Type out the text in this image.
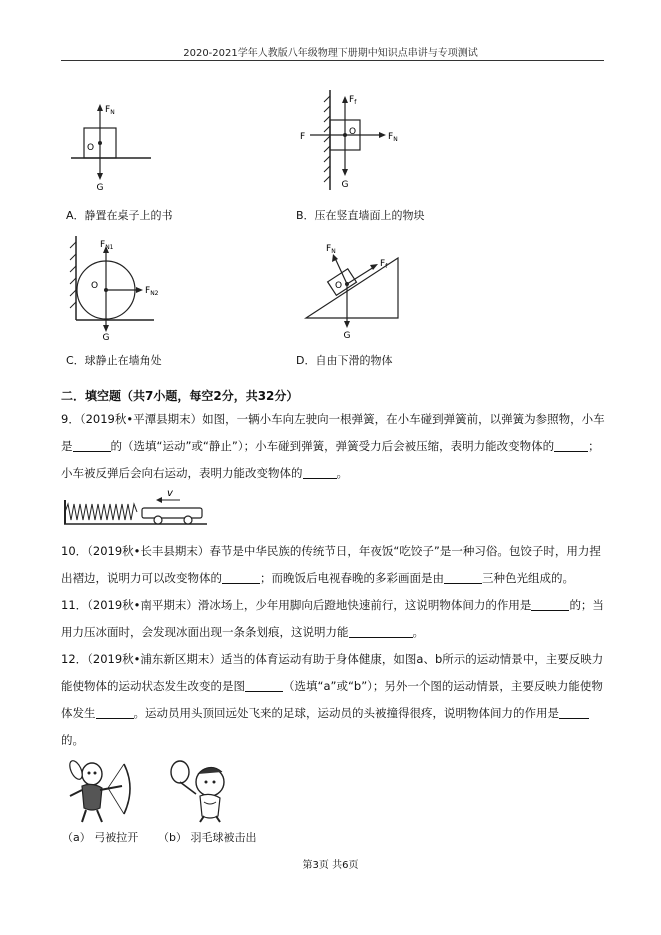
2020-2021学年人教版八年级物理下册期中知识点串讲与专项测试
$F_N$
O
G
A．静置在桌子上的书
$F_f$
O	$F_N$
F
G
B．压在竖直墙面上的物块
$F_{N1}$
O	$F_{N2}$
G
C．球静止在墙角处
$F_N$
$F_f$
O
G
D．自由下滑的物体
二．填空题（共7小题，每空2分，共32分）
9．（2019秋•平潭县期末）如图，一辆小车向左驶向一根弹簧，在小车碰到弹簧前，以弹簧为参照物，小车
是	的（选填“运动”或“静止”）；小车碰到弹簧，弹簧受力后会被压缩，表明力能改变物体的	；
小车被反弹后会向右运动，表明力能改变物体的	。
v
10．（2019秋•长丰县期末）春节是中华民族的传统节日，年夜饭“吃饺子”是一种习俗。包饺子时，用力捏
出褶边，说明力可以改变物体的	；而晚饭后电视春晚的多彩画面是由	三种色光组成的。
11．（2019秋•南平期末）滑冰场上，少年用脚向后蹬地快速前行，这说明物体间力的作用是	的；当
用力压冰面时，会发现冰面出现一条条划痕，这说明力能	。
12．（2019秋•浦东新区期末）适当的体育运动有助于身体健康，如图a、b所示的运动情景中，主要反映力
能使物体的运动状态发生改变的是图	（选填“a”或“b”）；另外一个图的运动情景，主要反映力能使物
体发生	。运动员用头顶回远处飞来的足球，运动员的头被撞得很疼，说明物体间力的作用是
的。
（a） 弓被拉开 （b） 羽毛球被击出
第3页 共6页
